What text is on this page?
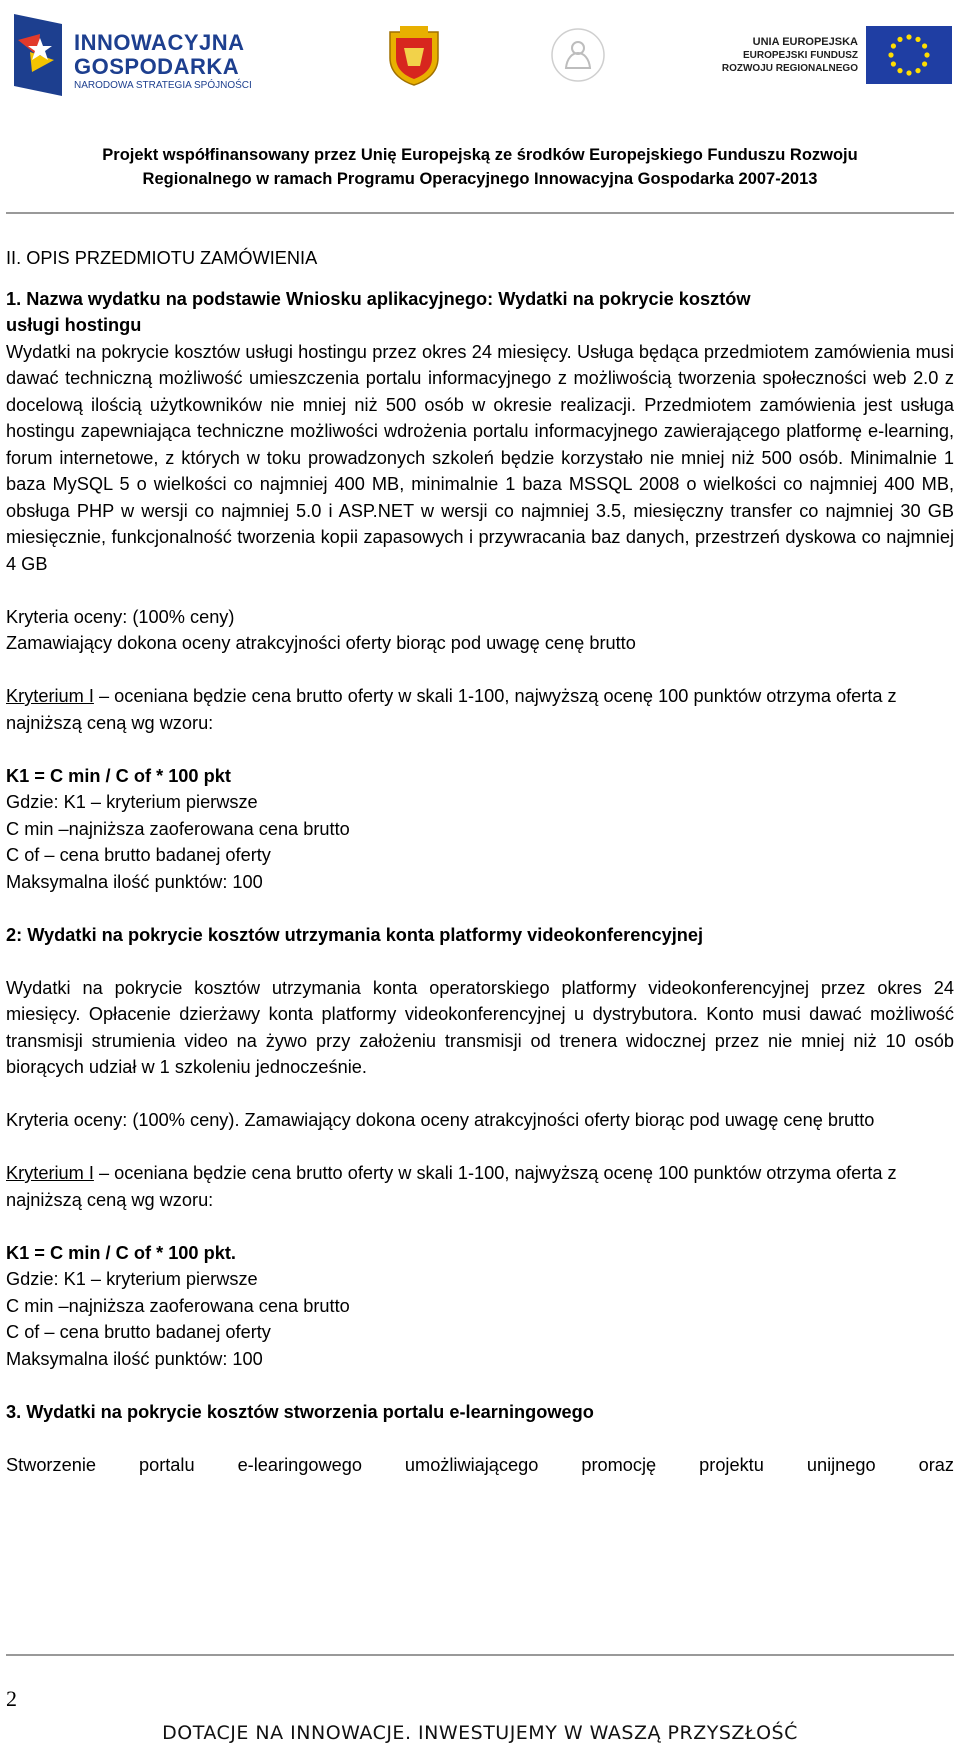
INNOWACYJNA
GOSPODARKA
NARODOWA STRATEGIA SPÓJNOŚCI
UNIA EUROPEJSKA
EUROPEJSKI FUNDUSZ
ROZWOJU REGIONALNEGO
Projekt współfinansowany przez Unię Europejską ze środków Europejskiego Funduszu Rozwoju
Regionalnego w ramach Programu Operacyjnego Innowacyjna Gospodarka 2007-2013

II. OPIS PRZEDMIOTU ZAMÓWIENIA

1. Nazwa wydatku na podstawie Wniosku aplikacyjnego: Wydatki na pokrycie kosztów

usługi hostingu

Wydatki na pokrycie kosztów usługi hostingu przez okres 24 miesięcy. Usługa będąca przedmiotem zamówienia musi dawać techniczną możliwość umieszczenia portalu informacyjnego z możliwością tworzenia społeczności web 2.0 z docelową ilością użytkowników nie mniej niż 500 osób w okresie realizacji. Przedmiotem zamówienia jest usługa hostingu zapewniająca techniczne możliwości wdrożenia portalu informacyjnego zawierającego platformę e-learning, forum internetowe, z których w toku prowadzonych szkoleń będzie korzystało nie mniej niż 500 osób. Minimalnie 1 baza MySQL 5 o wielkości co najmniej 400 MB, minimalnie 1 baza MSSQL 2008 o wielkości co najmniej 400 MB, obsługa PHP w wersji co najmniej 5.0 i ASP.NET w wersji co najmniej 3.5, miesięczny transfer co najmniej 30 GB miesięcznie, funkcjonalność tworzenia kopii zapasowych i przywracania baz danych, przestrzeń dyskowa co najmniej 4 GB

Kryteria oceny: (100% ceny)

Zamawiający dokona oceny atrakcyjności oferty biorąc pod uwagę cenę brutto

Kryterium I – oceniana będzie cena brutto oferty w skali 1-100, najwyższą ocenę 100 punktów otrzyma oferta z najniższą ceną wg wzoru:

K1 = C min / C of * 100 pkt

Gdzie: K1 – kryterium pierwsze

C min –najniższa zaoferowana cena brutto

C of – cena brutto badanej oferty

Maksymalna ilość punktów: 100

2: Wydatki na pokrycie kosztów utrzymania konta platformy videokonferencyjnej

Wydatki na pokrycie kosztów utrzymania konta operatorskiego platformy videokonferencyjnej przez okres 24 miesięcy. Opłacenie dzierżawy konta platformy videokonferencyjnej u dystrybutora. Konto musi dawać możliwość transmisji strumienia video na żywo przy założeniu transmisji od trenera widocznej przez nie mniej niż 10 osób biorących udział w 1 szkoleniu jednocześnie.

Kryteria oceny: (100% ceny). Zamawiający dokona oceny atrakcyjności oferty biorąc pod uwagę cenę brutto

Kryterium I – oceniana będzie cena brutto oferty w skali 1-100, najwyższą ocenę 100 punktów otrzyma oferta z najniższą ceną wg wzoru:

K1 = C min / C of * 100 pkt.

Gdzie: K1 – kryterium pierwsze

C min –najniższa zaoferowana cena brutto

C of – cena brutto badanej oferty

Maksymalna ilość punktów: 100

3. Wydatki na pokrycie kosztów stworzenia portalu e-learningowego

Stworzenie portalu e-learingowego umożliwiającego promocję projektu unijnego oraz

2
DOTACJE NA INNOWACJE. INWESTUJEMY W WASZĄ PRZYSZŁOŚĆ
